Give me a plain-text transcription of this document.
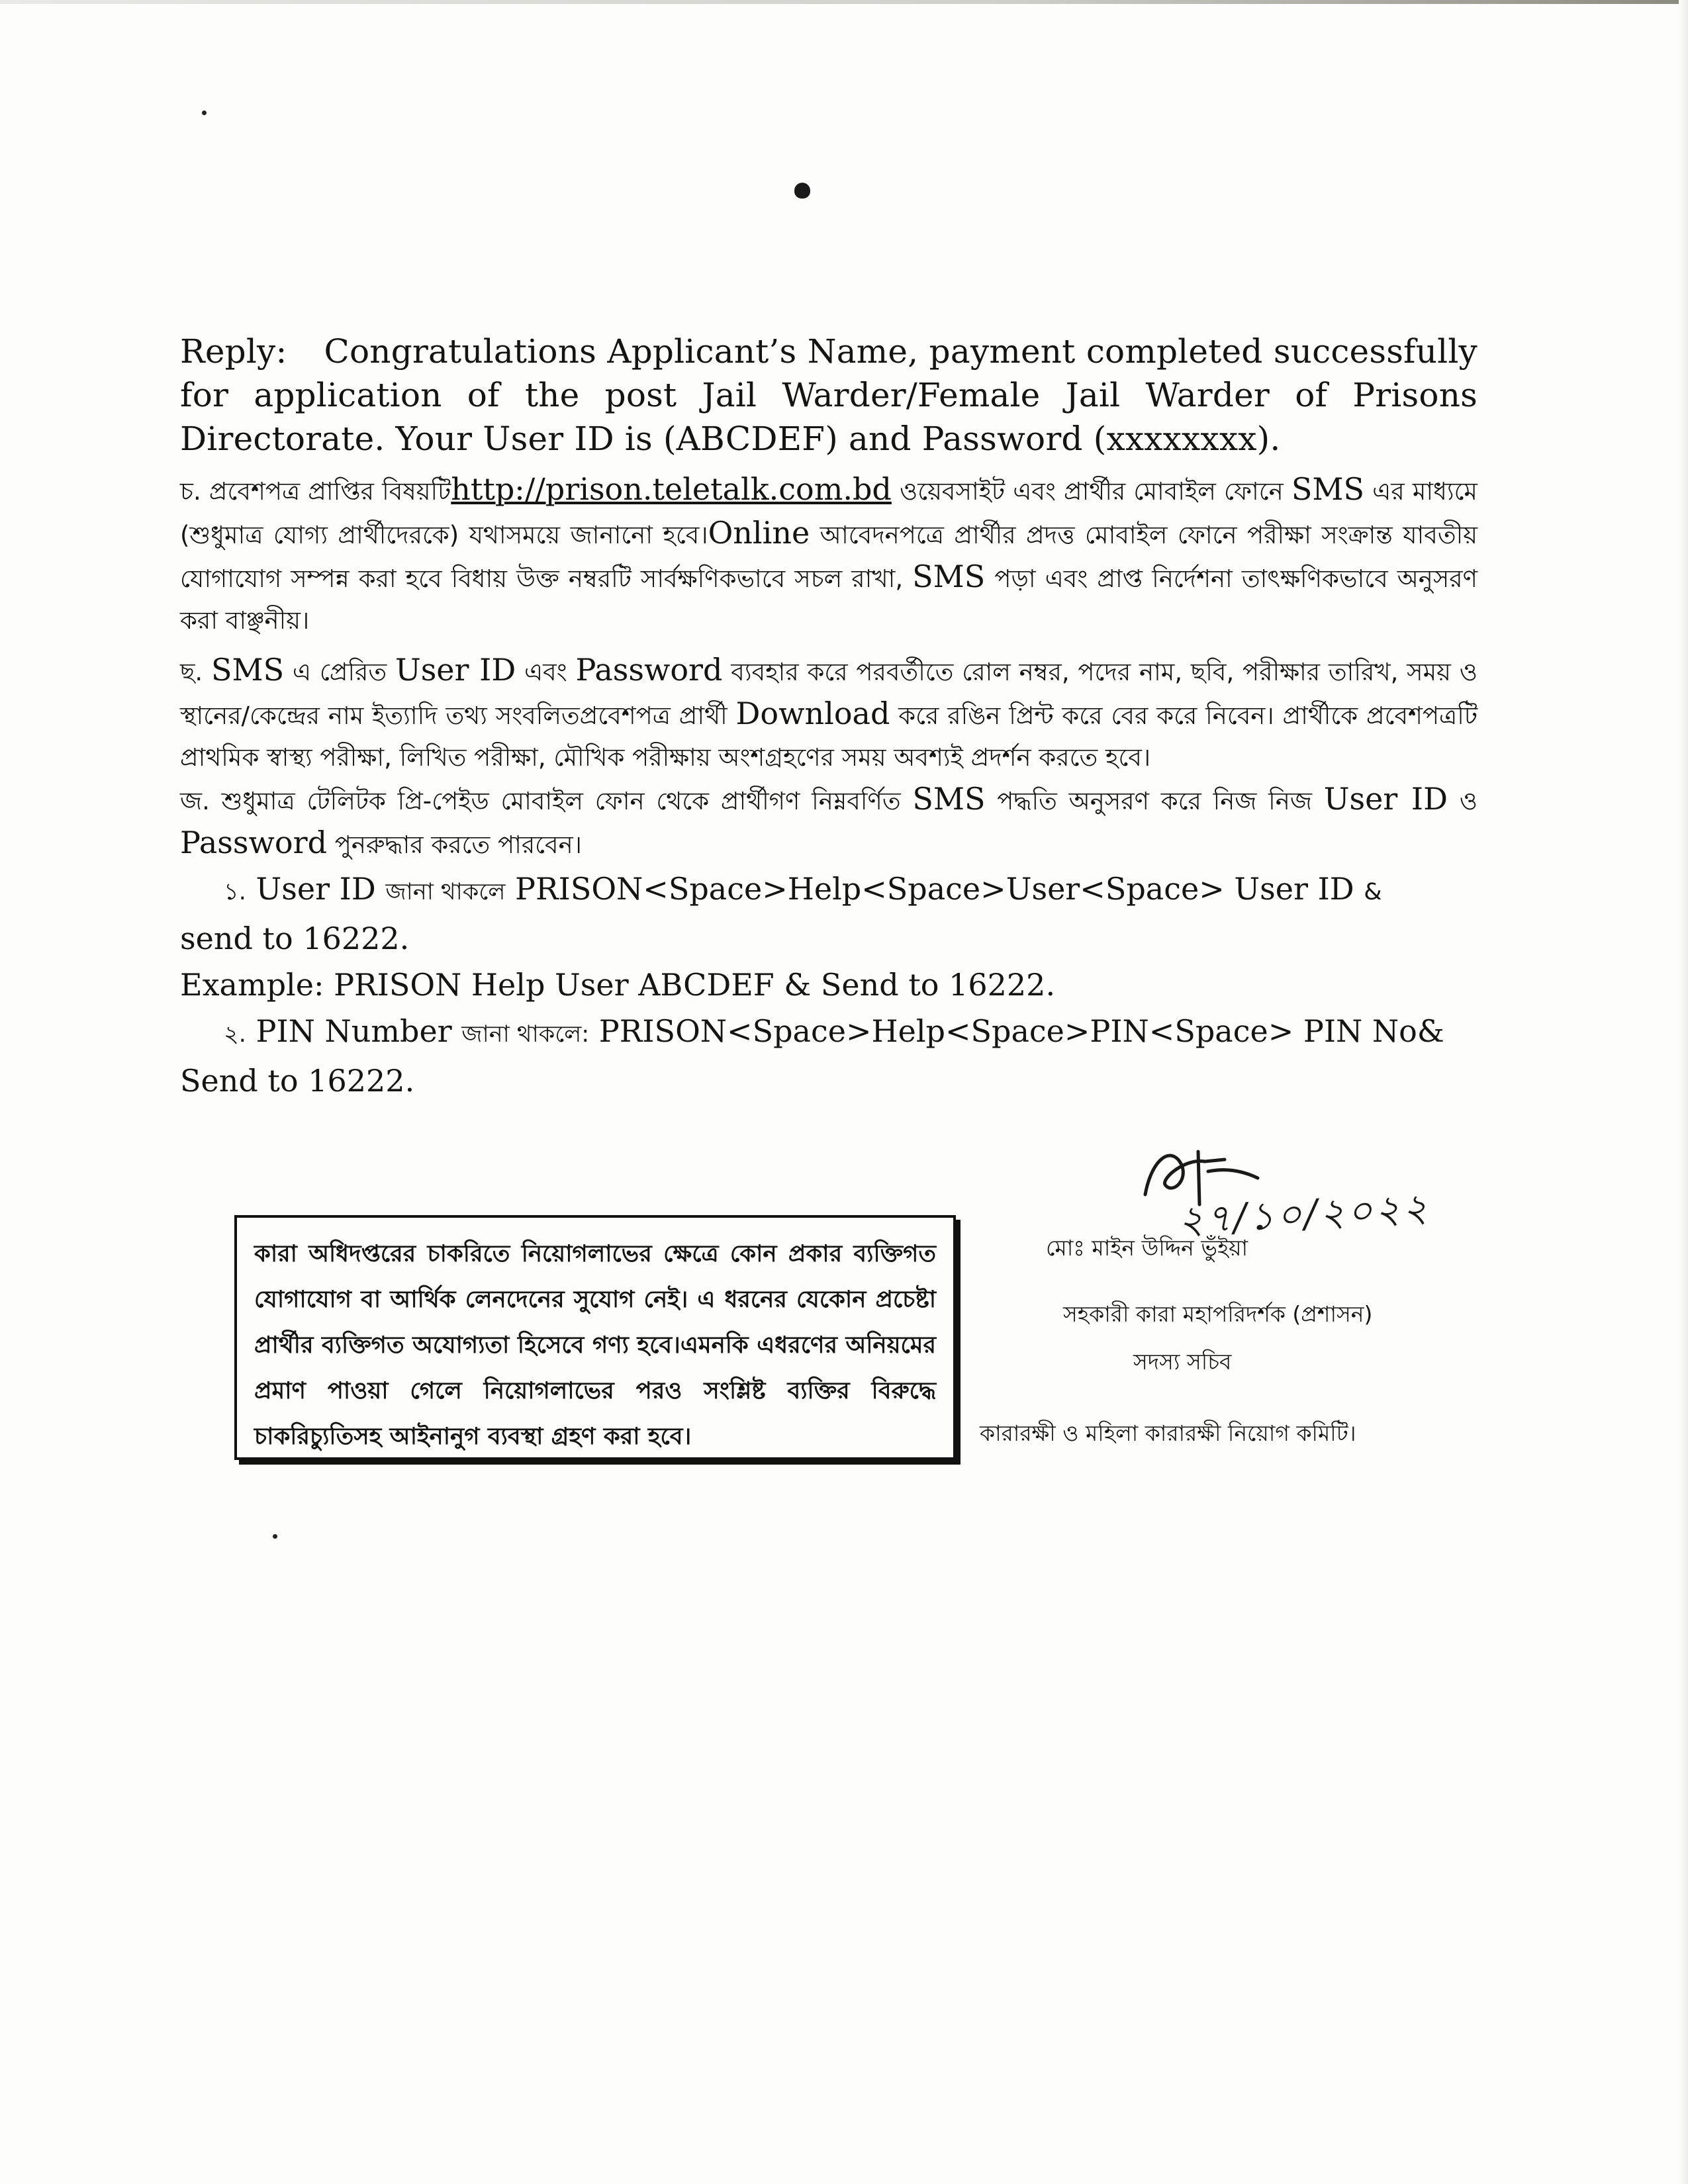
Reply: Congratulations Applicant’s Name, payment completed successfully for application of the post Jail Warder/Female Jail Warder of Prisons Directorate. Your User ID is (ABCDEF) and Password (xxxxxxxx).
চ. প্রবেশপত্র প্রাপ্তির বিষয়টিhttp://prison.teletalk.com.bd ওয়েবসাইট এবং প্রার্থীর মোবাইল ফোনে SMS এর মাধ্যমে (শুধুমাত্র যোগ্য প্রার্থীদেরকে) যথাসময়ে জানানো হবে।Online আবেদনপত্রে প্রার্থীর প্রদত্ত মোবাইল ফোনে পরীক্ষা সংক্রান্ত যাবতীয় যোগাযোগ সম্পন্ন করা হবে বিধায় উক্ত নম্বরটি সার্বক্ষণিকভাবে সচল রাখা, SMS পড়া এবং প্রাপ্ত নির্দেশনা তাৎক্ষণিকভাবে অনুসরণ করা বাঞ্ছনীয়।
ছ. SMS এ প্রেরিত User ID এবং Password ব্যবহার করে পরবর্তীতে রোল নম্বর, পদের নাম, ছবি, পরীক্ষার তারিখ, সময় ও স্থানের/কেন্দ্রের নাম ইত্যাদি তথ্য সংবলিতপ্রবেশপত্র প্রার্থী Download করে রঙিন প্রিন্ট করে বের করে নিবেন। প্রার্থীকে প্রবেশপত্রটি প্রাথমিক স্বাস্থ্য পরীক্ষা, লিখিত পরীক্ষা, মৌখিক পরীক্ষায় অংশগ্রহণের সময় অবশ্যই প্রদর্শন করতে হবে।
জ. শুধুমাত্র টেলিটক প্রি-পেইড মোবাইল ফোন থেকে প্রার্থীগণ নিম্নবর্ণিত SMS পদ্ধতি অনুসরণ করে নিজ নিজ User ID ও Password পুনরুদ্ধার করতে পারবেন।
১. User ID জানা থাকলে PRISON<Space>Help<Space>User<Space> User ID &
send to 16222.
Example: PRISON Help User ABCDEF & Send to 16222.
২. PIN Number জানা থাকলে: PRISON<Space>Help<Space>PIN<Space> PIN No&
Send to 16222.
কারা অধিদপ্তরের চাকরিতে নিয়োগলাভের ক্ষেত্রে কোন প্রকার ব্যক্তিগত যোগাযোগ বা আর্থিক লেনদেনের সুযোগ নেই। এ ধরনের যেকোন প্রচেষ্টা প্রার্থীর ব্যক্তিগত অযোগ্যতা হিসেবে গণ্য হবে।এমনকি এধরণের অনিয়মের প্রমাণ পাওয়া গেলে নিয়োগলাভের পরও সংশ্লিষ্ট ব্যক্তির বিরুদ্ধে চাকরিচ্যুতিসহ আইনানুগ ব্যবস্থা গ্রহণ করা হবে।
২৭/১০/২০২২
মোঃ মাইন উদ্দিন ভুঁইয়া
সহকারী কারা মহাপরিদর্শক (প্রশাসন)
সদস্য সচিব
কারারক্ষী ও মহিলা কারারক্ষী নিয়োগ কমিটি।
